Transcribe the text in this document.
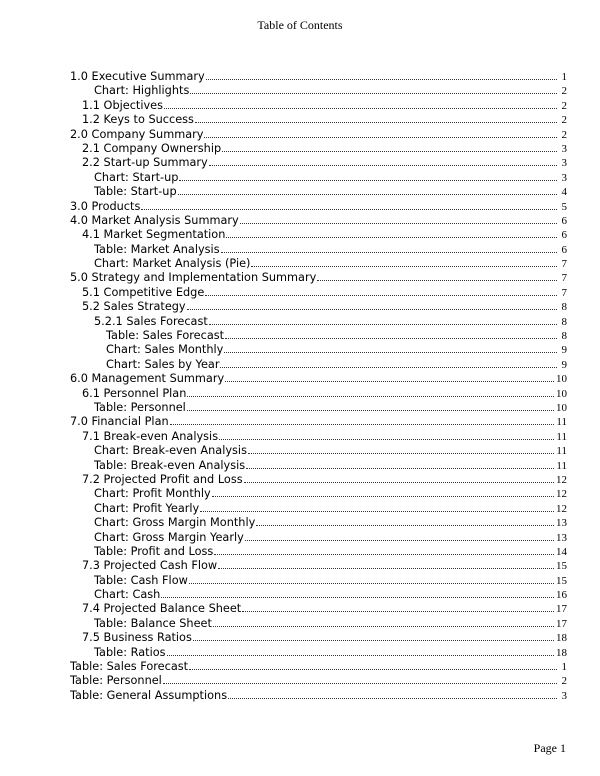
Table of Contents
1.0 Executive Summary	1
Chart: Highlights	2
1.1 Objectives	2
1.2 Keys to Success	2
2.0 Company Summary	2
2.1 Company Ownership	3
2.2 Start-up Summary	3
Chart: Start-up	3
Table: Start-up	4
3.0 Products	5
4.0 Market Analysis Summary	6
4.1 Market Segmentation	6
Table: Market Analysis	6
Chart: Market Analysis (Pie)	7
5.0 Strategy and Implementation Summary	7
5.1 Competitive Edge	7
5.2 Sales Strategy	8
5.2.1 Sales Forecast	8
Table: Sales Forecast	8
Chart: Sales Monthly	9
Chart: Sales by Year	9
6.0 Management Summary	10
6.1 Personnel Plan	10
Table: Personnel	10
7.0 Financial Plan	11
7.1 Break-even Analysis	11
Chart: Break-even Analysis	11
Table: Break-even Analysis	11
7.2 Projected Profit and Loss	12
Chart: Profit Monthly	12
Chart: Profit Yearly	12
Chart: Gross Margin Monthly	13
Chart: Gross Margin Yearly	13
Table: Profit and Loss	14
7.3 Projected Cash Flow	15
Table: Cash Flow	15
Chart: Cash	16
7.4 Projected Balance Sheet	17
Table: Balance Sheet	17
7.5 Business Ratios	18
Table: Ratios	18
Table: Sales Forecast	1
Table: Personnel	2
Table: General Assumptions	3
Page 1
